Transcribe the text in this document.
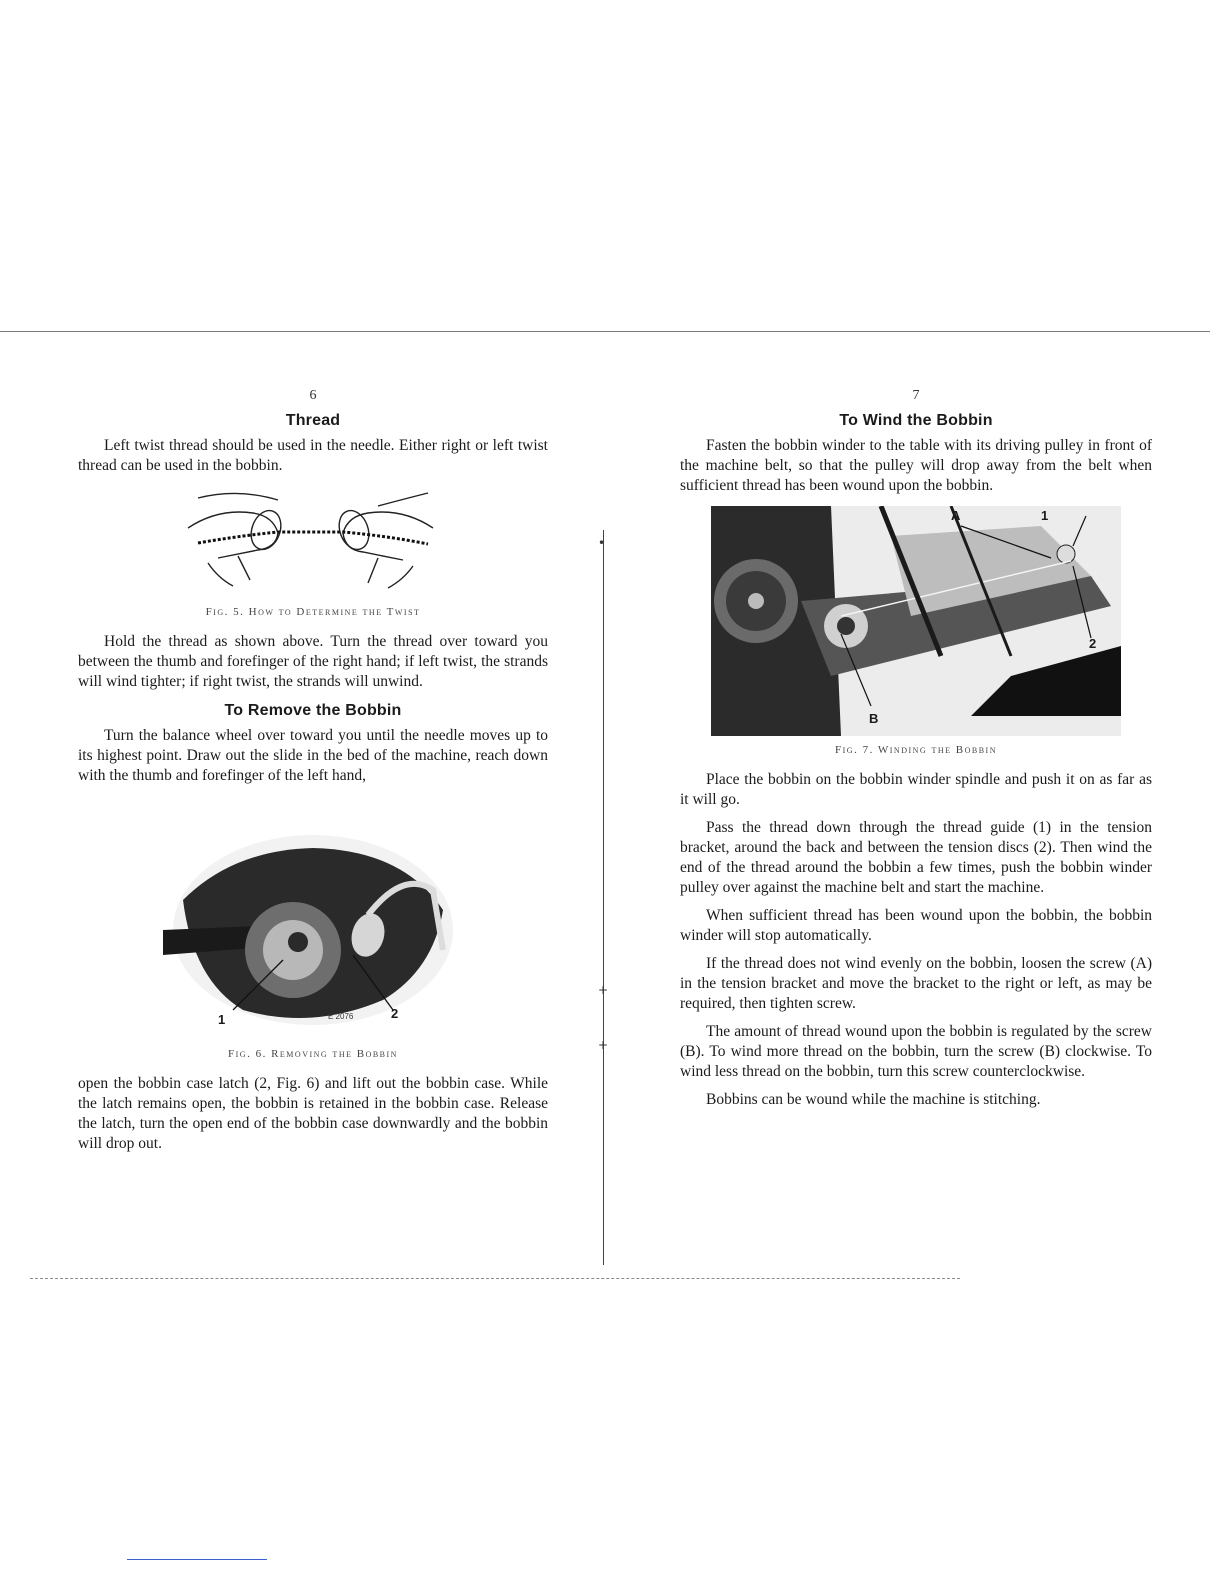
•
+
+
6
Thread

Left twist thread should be used in the needle. Either right or left twist thread can be used in the bobbin.

Fig. 5. How to Determine the Twist

Hold the thread as shown above. Turn the thread over toward you between the thumb and forefinger of the right hand; if left twist, the strands will wind tighter; if right twist, the strands will unwind.

To Remove the Bobbin

Turn the balance wheel over toward you until the needle moves up to its highest point. Draw out the slide in the bed of the machine, reach down with the thumb and forefinger of the left hand,

1	2
E 2076
Fig. 6. Removing the Bobbin

open the bobbin case latch (2, Fig. 6) and lift out the bobbin case. While the latch remains open, the bobbin is retained in the bobbin case. Release the latch, turn the open end of the bobbin case downwardly and the bobbin will drop out.

7
To Wind the Bobbin

Fasten the bobbin winder to the table with its driving pulley in front of the machine belt, so that the pulley will drop away from the belt when sufficient thread has been wound upon the bobbin.

A	1
2
B
Fig. 7. Winding the Bobbin

Place the bobbin on the bobbin winder spindle and push it on as far as it will go.

Pass the thread down through the thread guide (1) in the tension bracket, around the back and between the tension discs (2). Then wind the end of the thread around the bobbin a few times, push the bobbin winder pulley over against the machine belt and start the machine.

When sufficient thread has been wound upon the bobbin, the bobbin winder will stop automatically.

If the thread does not wind evenly on the bobbin, loosen the screw (A) in the tension bracket and move the bracket to the right or left, as may be required, then tighten screw.

The amount of thread wound upon the bobbin is regulated by the screw (B). To wind more thread on the bobbin, turn the screw (B) clockwise. To wind less thread on the bobbin, turn this screw counterclockwise.

Bobbins can be wound while the machine is stitching.
